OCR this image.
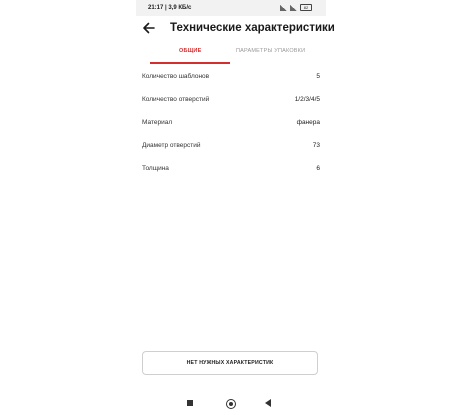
21:17 | 3,9 КБ/с	82
Технические характеристики
ОБЩИЕ	ПАРАМЕТРЫ УПАКОВКИ
Количество шаблонов	5
Количество отверстий	1/2/3/4/5
Материал	фанера
Диаметр отверстий	73
Толщина	6
НЕТ НУЖНЫХ ХАРАКТЕРИСТИК
